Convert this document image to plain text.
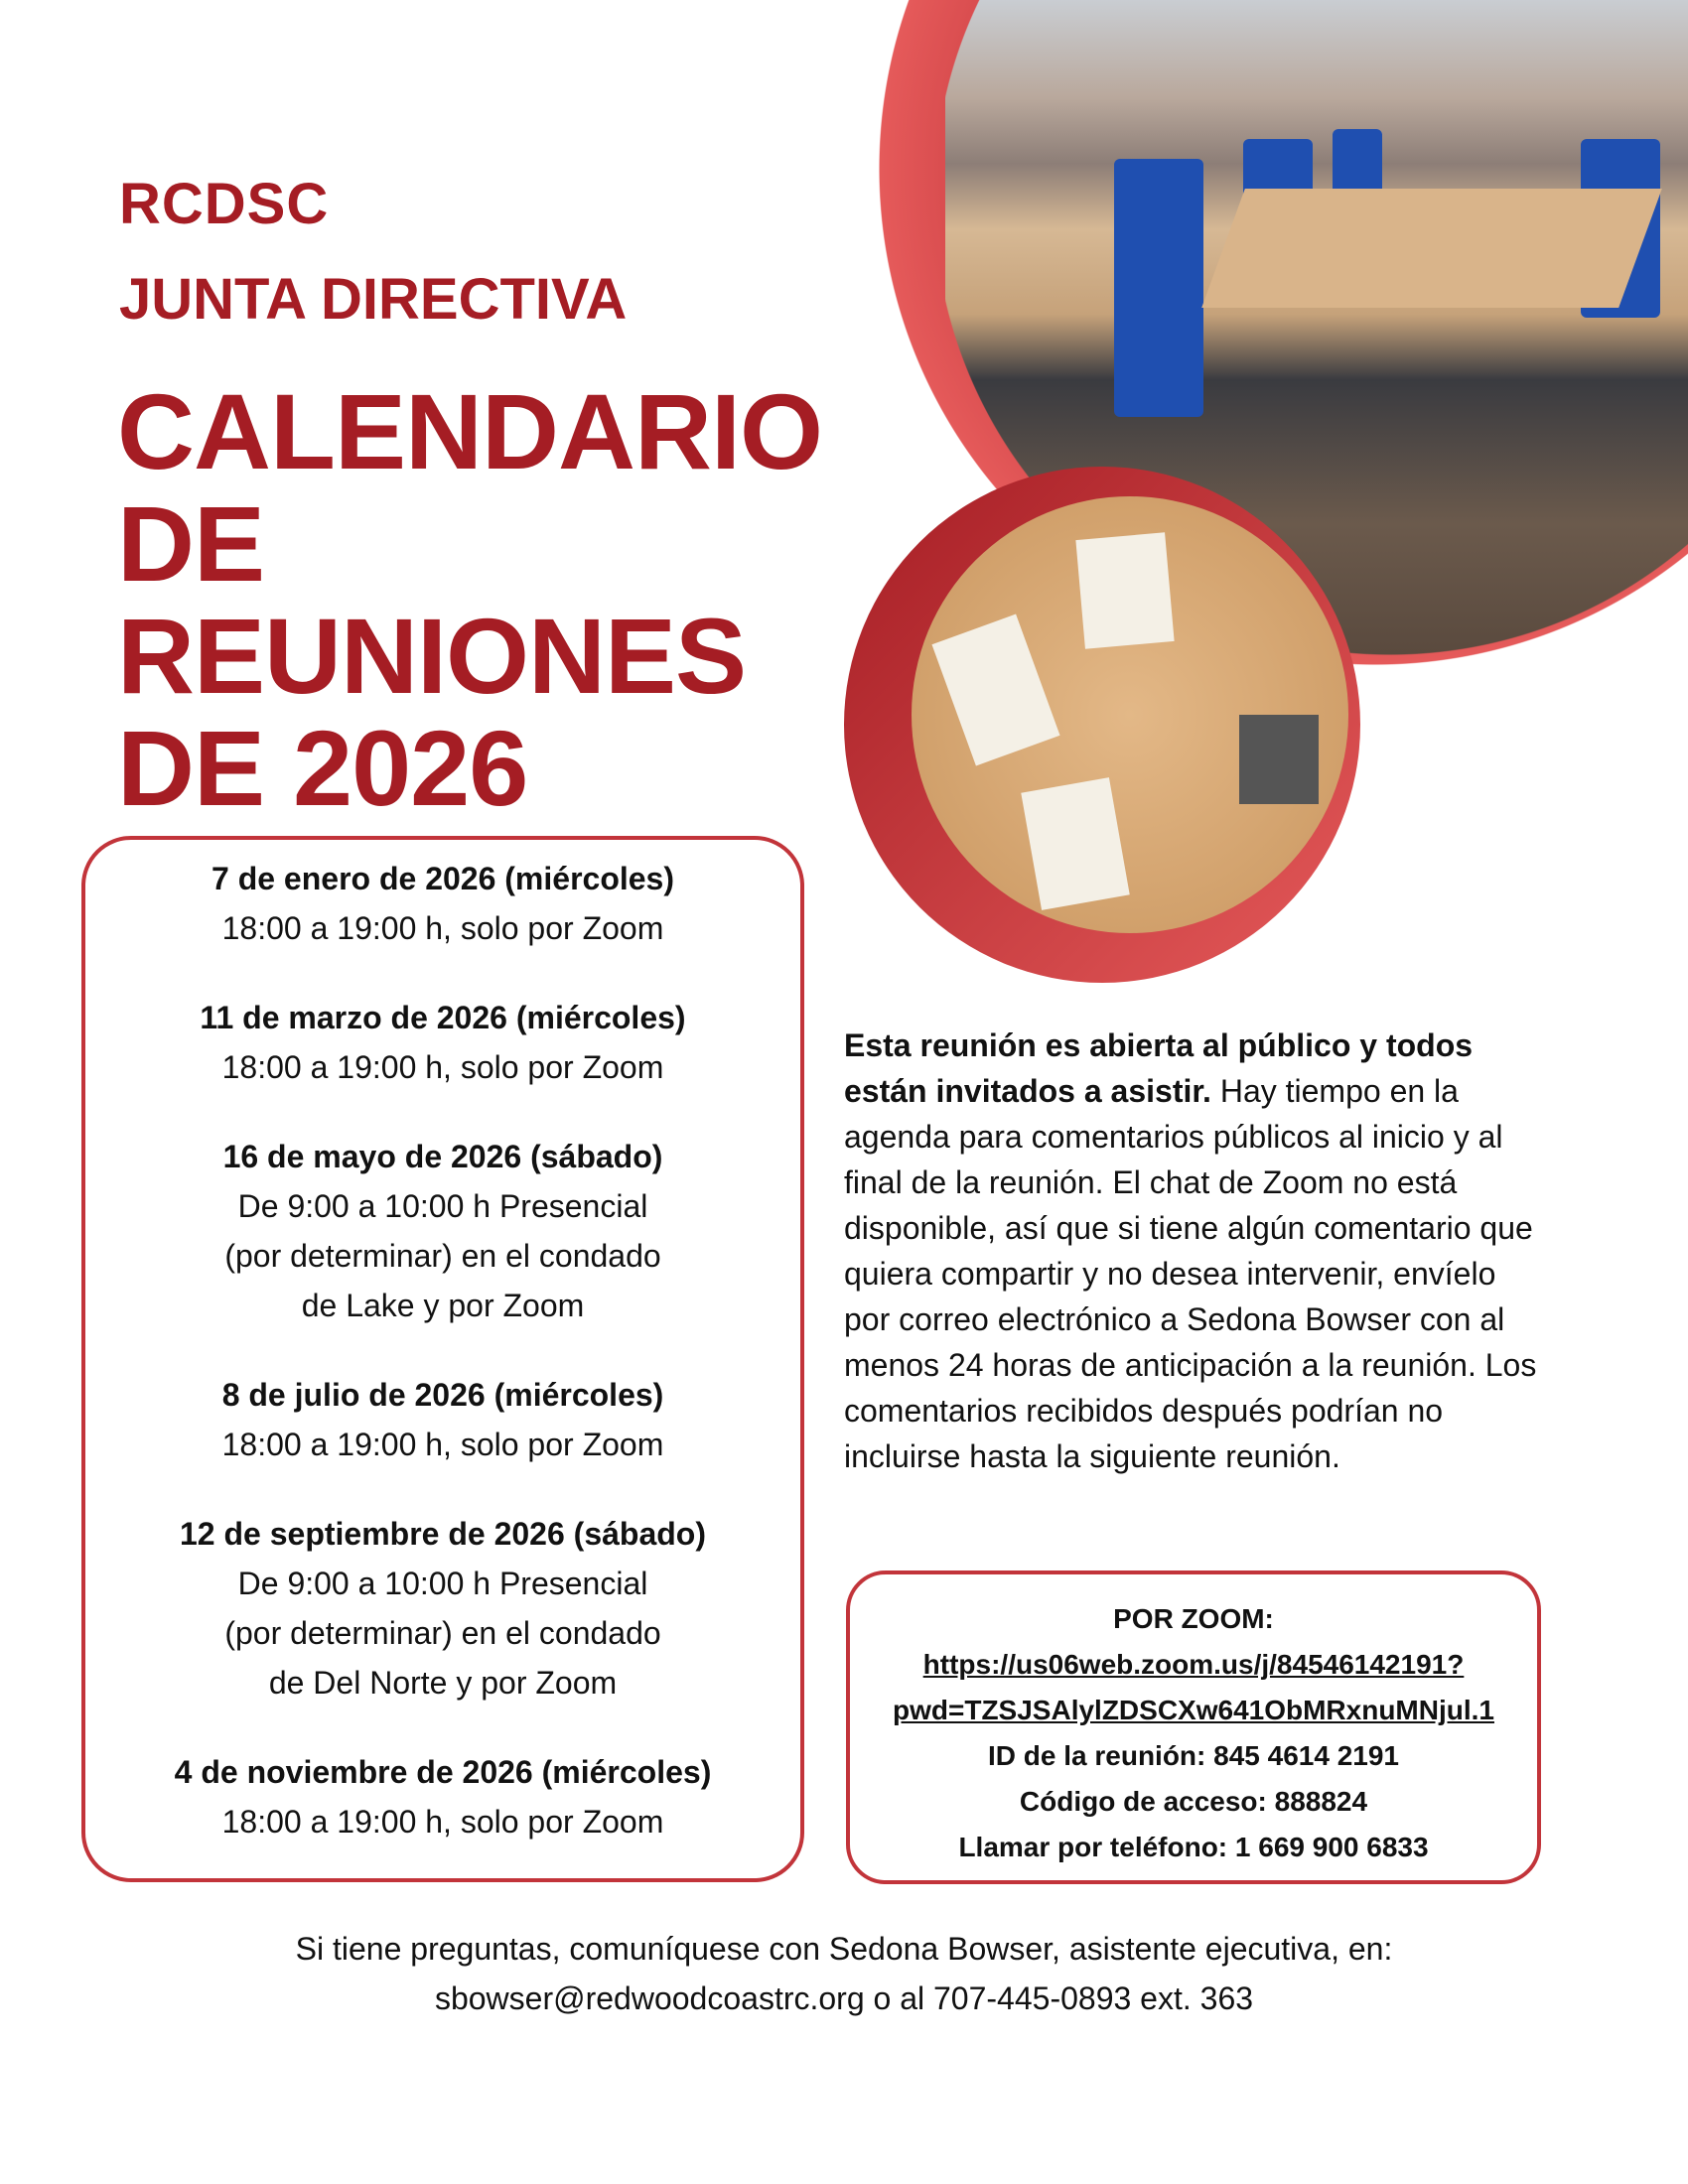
RCDSC
JUNTA DIRECTIVA
CALENDARIO DE REUNIONES DE 2026
7 de enero de 2026 (miércoles)
18:00 a 19:00 h, solo por Zoom
11 de marzo de 2026 (miércoles)
18:00 a 19:00 h, solo por Zoom
16 de mayo de 2026 (sábado)
De 9:00 a 10:00 h Presencial
(por determinar) en el condado
de Lake y por Zoom
8 de julio de 2026 (miércoles)
18:00 a 19:00 h, solo por Zoom
12 de septiembre de 2026 (sábado)
De 9:00 a 10:00 h Presencial
(por determinar) en el condado
de Del Norte y por Zoom
4 de noviembre de 2026 (miércoles)
18:00 a 19:00 h, solo por Zoom
Esta reunión es abierta al público y todos están invitados a asistir. Hay tiempo en la agenda para comentarios públicos al inicio y al final de la reunión. El chat de Zoom no está disponible, así que si tiene algún comentario que quiera compartir y no desea intervenir, envíelo por correo electrónico a Sedona Bowser con al menos 24 horas de anticipación a la reunión. Los comentarios recibidos después podrían no incluirse hasta la siguiente reunión.
POR ZOOM:
https://us06web.zoom.us/j/84546142191?
pwd=TZSJSAlylZDSCXw641ObMRxnuMNjul.1
ID de la reunión: 845 4614 2191
Código de acceso: 888824
Llamar por teléfono: 1 669 900 6833
Si tiene preguntas, comuníquese con Sedona Bowser, asistente ejecutiva, en:
sbowser@redwoodcoastrc.org o al 707-445-0893 ext. 363
